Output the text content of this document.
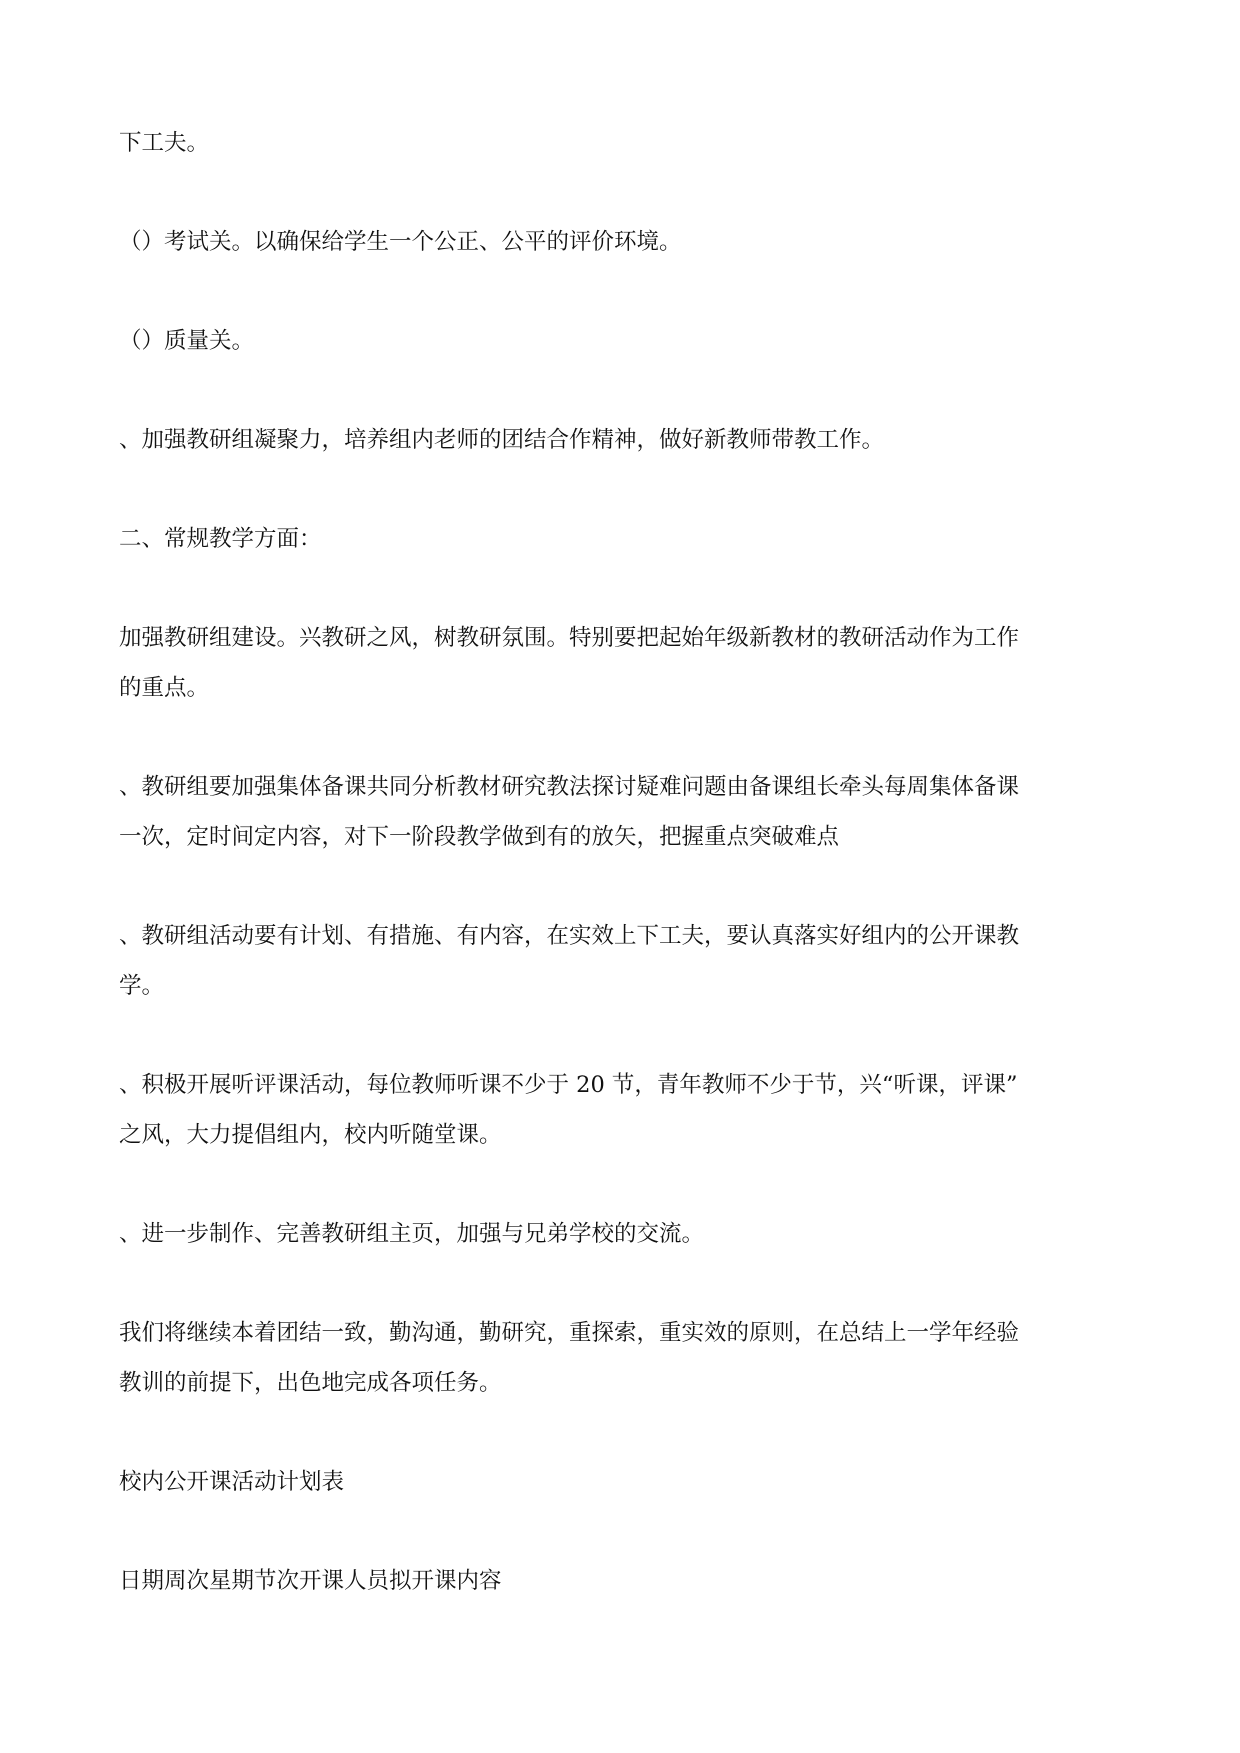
下工夫。
（）考试关。以确保给学生一个公正、公平的评价环境。
（）质量关。
、加强教研组凝聚力，培养组内老师的团结合作精神，做好新教师带教工作。
二、常规教学方面：
加强教研组建设。兴教研之风，树教研氛围。特别要把起始年级新教材的教研活动作为工作
的重点。
、教研组要加强集体备课共同分析教材研究教法探讨疑难问题由备课组长牵头每周集体备课
一次，定时间定内容，对下一阶段教学做到有的放矢，把握重点突破难点
、教研组活动要有计划、有措施、有内容，在实效上下工夫，要认真落实好组内的公开课教
学。
、积极开展听评课活动，每位教师听课不少于 20 节，青年教师不少于节，兴“听课，评课”
之风，大力提倡组内，校内听随堂课。
、进一步制作、完善教研组主页，加强与兄弟学校的交流。
我们将继续本着团结一致，勤沟通，勤研究，重探索，重实效的原则，在总结上一学年经验
教训的前提下，出色地完成各项任务。
校内公开课活动计划表
日期周次星期节次开课人员拟开课内容
